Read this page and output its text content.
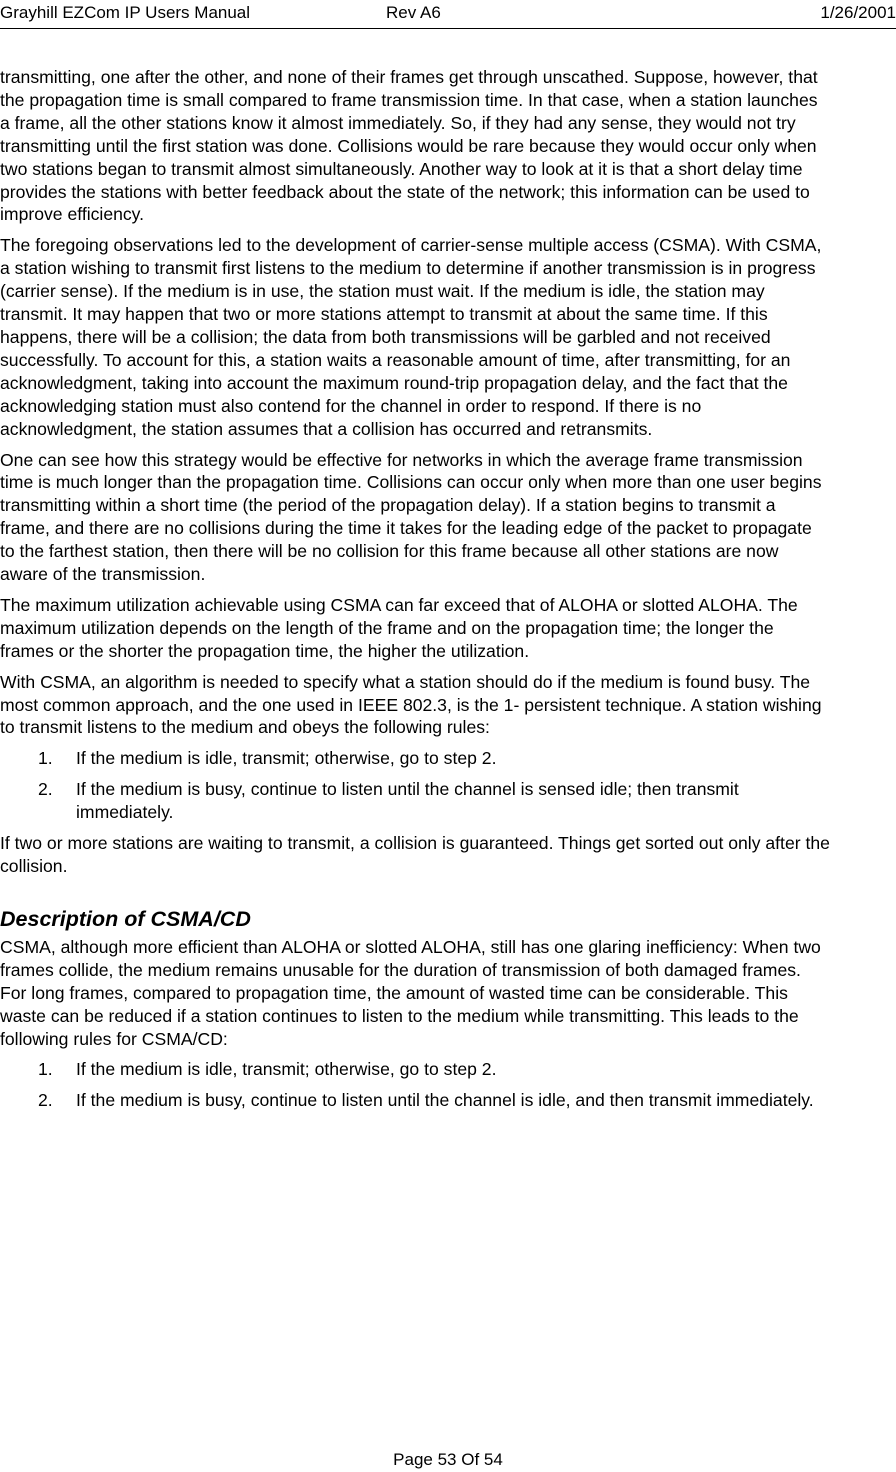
Grayhill EZCom IP Users Manual	Rev A6	1/26/2001

transmitting, one after the other, and none of their frames get through unscathed. Suppose, however, that the propagation time is small compared to frame transmission time. In that case, when a station launches a frame, all the other stations know it almost immediately. So, if they had any sense, they would not try transmitting until the first station was done. Collisions would be rare because they would occur only when two stations began to transmit almost simultaneously. Another way to look at it is that a short delay time provides the stations with better feedback about the state of the network; this information can be used to improve efficiency.

The foregoing observations led to the development of carrier-sense multiple access (CSMA). With CSMA, a station wishing to transmit first listens to the medium to determine if another transmission is in progress (carrier sense). If the medium is in use, the station must wait. If the medium is idle, the station may transmit. It may happen that two or more stations attempt to transmit at about the same time. If this happens, there will be a collision; the data from both transmissions will be garbled and not received successfully. To account for this, a station waits a reasonable amount of time, after transmitting, for an acknowledgment, taking into account the maximum round-trip propagation delay, and the fact that the acknowledging station must also contend for the channel in order to respond. If there is no acknowledgment, the station assumes that a collision has occurred and retransmits.

One can see how this strategy would be effective for networks in which the average frame transmission time is much longer than the propagation time. Collisions can occur only when more than one user begins transmitting within a short time (the period of the propagation delay). If a station begins to transmit a frame, and there are no collisions during the time it takes for the leading edge of the packet to propagate to the farthest station, then there will be no collision for this frame because all other stations are now aware of the transmission.

The maximum utilization achievable using CSMA can far exceed that of ALOHA or slotted ALOHA. The maximum utilization depends on the length of the frame and on the propagation time; the longer the frames or the shorter the propagation time, the higher the utilization.

With CSMA, an algorithm is needed to specify what a station should do if the medium is found busy. The most common approach, and the one used in IEEE 802.3, is the 1- persistent technique. A station wishing to transmit listens to the medium and obeys the following rules:

1. If the medium is idle, transmit; otherwise, go to step 2.
2. If the medium is busy, continue to listen until the channel is sensed idle; then transmit immediately.

If two or more stations are waiting to transmit, a collision is guaranteed. Things get sorted out only after the collision.

Description of CSMA/CD

CSMA, although more efficient than ALOHA or slotted ALOHA, still has one glaring inefficiency: When two frames collide, the medium remains unusable for the duration of transmission of both damaged frames. For long frames, compared to propagation time, the amount of wasted time can be considerable. This waste can be reduced if a station continues to listen to the medium while transmitting. This leads to the following rules for CSMA/CD:

1. If the medium is idle, transmit; otherwise, go to step 2.
2. If the medium is busy, continue to listen until the channel is idle, and then transmit immediately.
Page 53 Of 54
